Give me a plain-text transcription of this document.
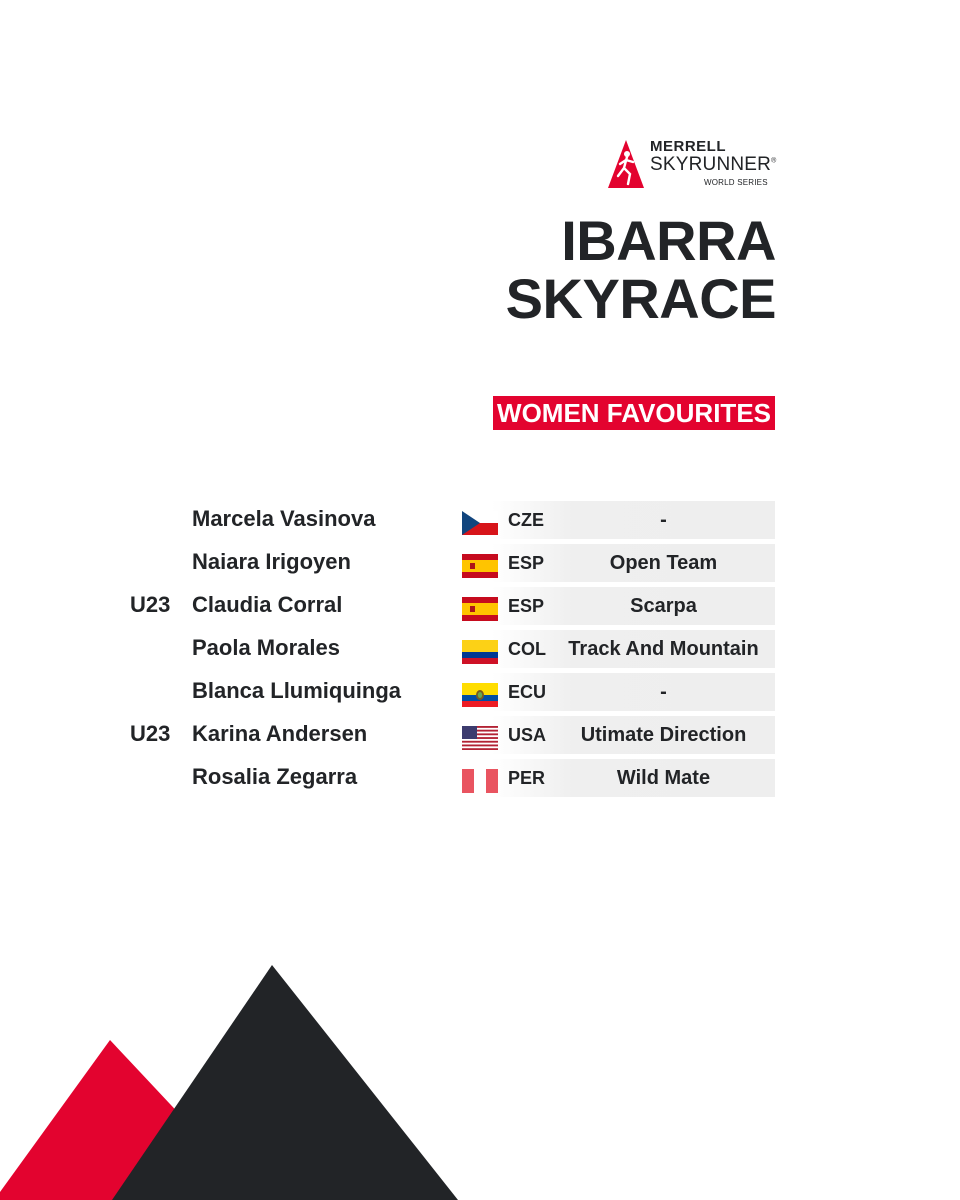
MERRELL
SKYRUNNER®
WORLD SERIES
IBARRA
SKYRACE
WOMEN FAVOURITES
Marcela Vasinova	CZE	-
Naiara Irigoyen	ESP	Open Team
U23 Claudia Corral	ESP	Scarpa
Paola Morales	COL	Track And Mountain
Blanca Llumiquinga	ECU	-
U23 Karina Andersen	USA	Utimate Direction
Rosalia Zegarra	PER	Wild Mate
